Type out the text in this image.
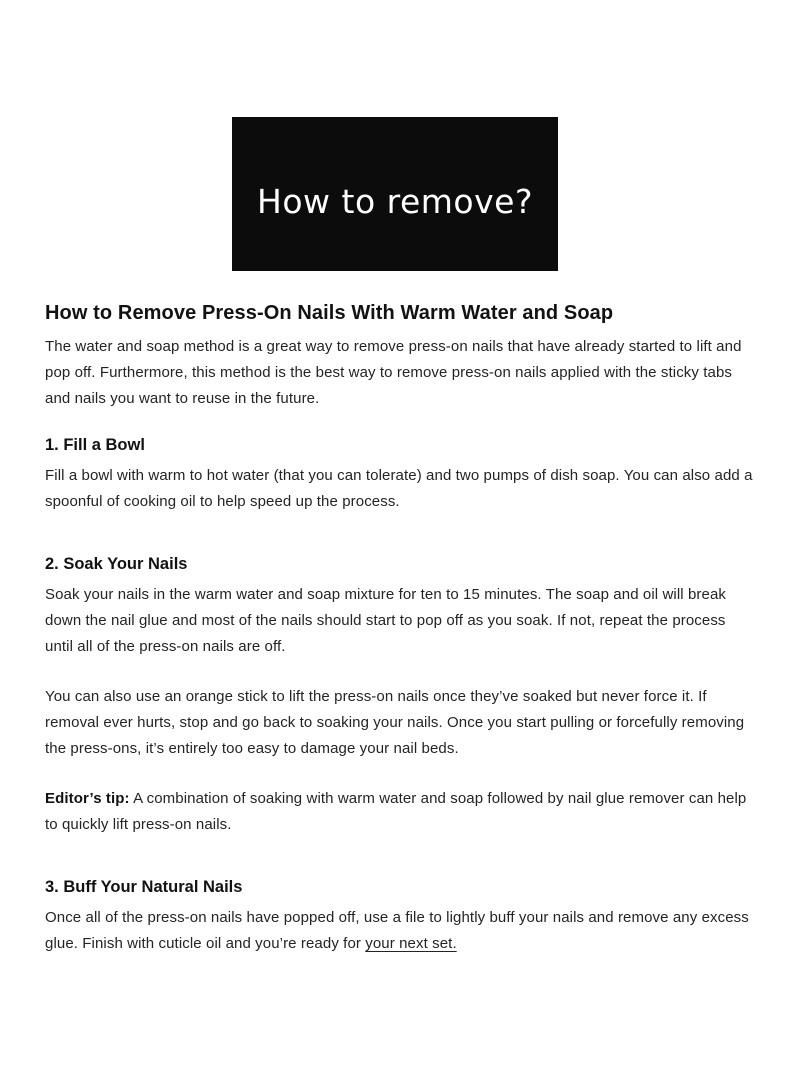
How to remove?
How to Remove Press-On Nails With Warm Water and Soap

The water and soap method is a great way to remove press-on nails that have already started to lift and pop off. Furthermore, this method is the best way to remove press-on nails applied with the sticky tabs and nails you want to reuse in the future.

1. Fill a Bowl

Fill a bowl with warm to hot water (that you can tolerate) and two pumps of dish soap. You can also add a spoonful of cooking oil to help speed up the process.

2. Soak Your Nails

Soak your nails in the warm water and soap mixture for ten to 15 minutes. The soap and oil will break down the nail glue and most of the nails should start to pop off as you soak. If not, repeat the process until all of the press-on nails are off.

You can also use an orange stick to lift the press-on nails once they’ve soaked but never force it. If removal ever hurts, stop and go back to soaking your nails. Once you start pulling or forcefully removing the press-ons, it’s entirely too easy to damage your nail beds.

Editor’s tip: A combination of soaking with warm water and soap followed by nail glue remover can help to quickly lift press-on nails.

3. Buff Your Natural Nails

Once all of the press-on nails have popped off, use a file to lightly buff your nails and remove any excess glue. Finish with cuticle oil and you’re ready for your next set.
